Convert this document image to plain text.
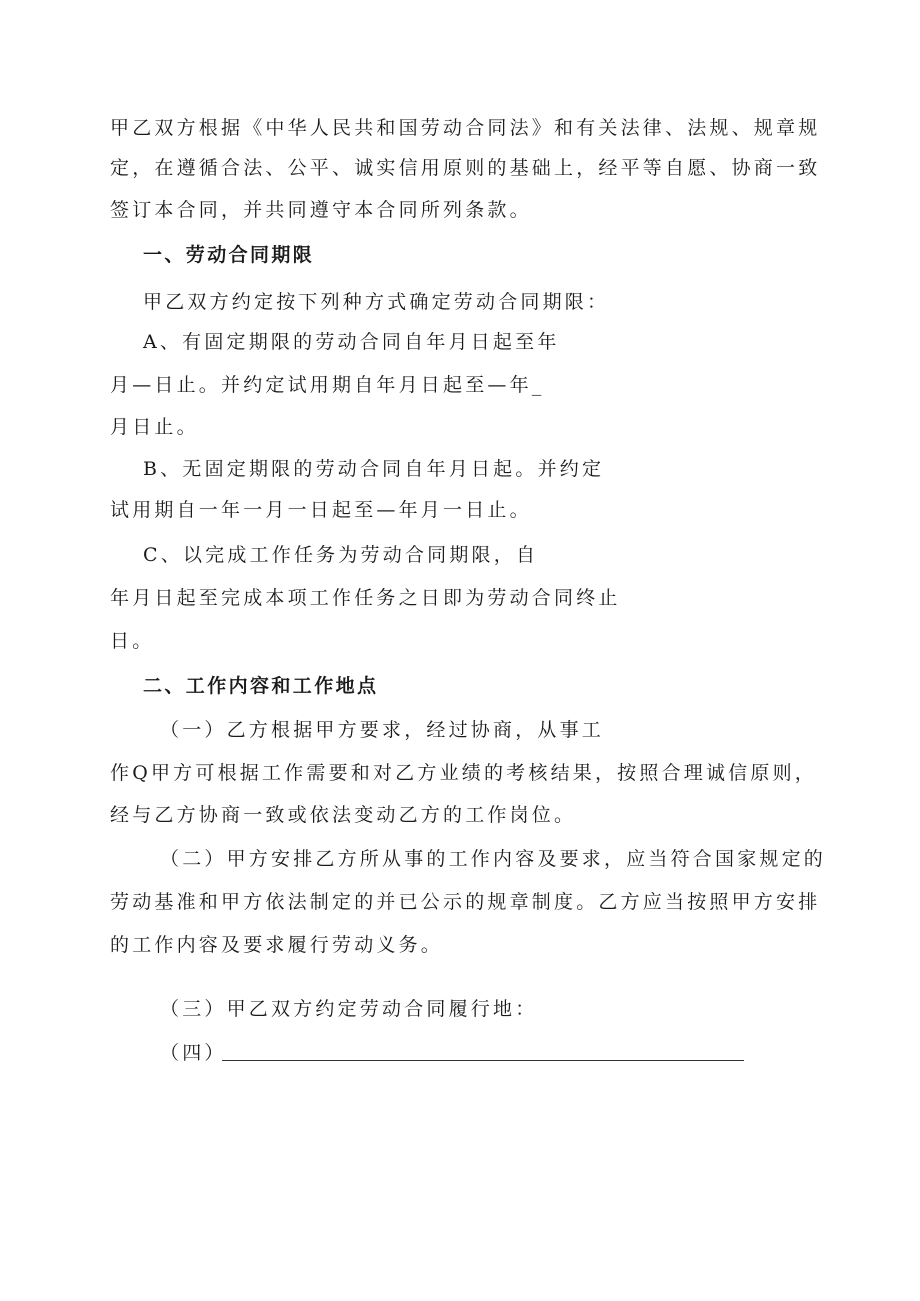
甲乙双方根据《中华人民共和国劳动合同法》和有关法律、法规、规章规
定，在遵循合法、公平、诚实信用原则的基础上，经平等自愿、协商一致
签订本合同，并共同遵守本合同所列条款。
一、劳动合同期限
甲乙双方约定按下列种方式确定劳动合同期限：
A、有固定期限的劳动合同自年月日起至年
月—日止。并约定试用期自年月日起至—年_
月日止。
B、无固定期限的劳动合同自年月日起。并约定
试用期自一年一月一日起至—年月一日止。
C、以完成工作任务为劳动合同期限，自
年月日起至完成本项工作任务之日即为劳动合同终止
日。
二、工作内容和工作地点
（一）乙方根据甲方要求，经过协商，从事工
作Q甲方可根据工作需要和对乙方业绩的考核结果，按照合理诚信原则，
经与乙方协商一致或依法变动乙方的工作岗位。
（二）甲方安排乙方所从事的工作内容及要求，应当符合国家规定的
劳动基准和甲方依法制定的并已公示的规章制度。乙方应当按照甲方安排
的工作内容及要求履行劳动义务。
（三）甲乙双方约定劳动合同履行地：
（四）
